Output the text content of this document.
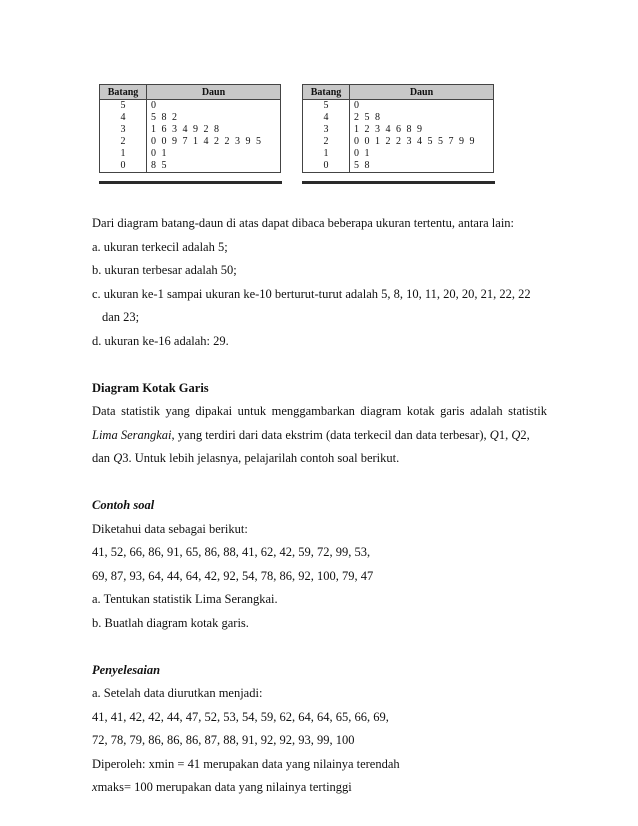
Batang	Daun
5	0
4	5 8 2
3	1 6 3 4 9 2 8
2	0 0 9 7 1 4 2 2 3 9 5
1	0 1
0	8 5
Batang	Daun
5	0
4	2 5 8
3	1 2 3 4 6 8 9
2	0 0 1 2 2 3 4 5 5 7 9 9
1	0 1
0	5 8
Dari diagram batang-daun di atas dapat dibaca beberapa ukuran tertentu, antara lain:
a. ukuran terkecil adalah 5;
b. ukuran terbesar adalah 50;
c. ukuran ke-1 sampai ukuran ke-10 berturut-turut adalah 5, 8, 10, 11, 20, 20, 21, 22, 22
dan 23;
d. ukuran ke-16 adalah: 29.
Diagram Kotak Garis
Data statistik yang dipakai untuk menggambarkan diagram kotak garis adalah statistik
Lima Serangkai, yang terdiri dari data ekstrim (data terkecil dan data terbesar), Q1, Q2,
dan Q3. Untuk lebih jelasnya, pelajarilah contoh soal berikut.
Contoh soal
Diketahui data sebagai berikut:
41, 52, 66, 86, 91, 65, 86, 88, 41, 62, 42, 59, 72, 99, 53,
69, 87, 93, 64, 44, 64, 42, 92, 54, 78, 86, 92, 100, 79, 47
a. Tentukan statistik Lima Serangkai.
b. Buatlah diagram kotak garis.
Penyelesaian
a. Setelah data diurutkan menjadi:
41, 41, 42, 42, 44, 47, 52, 53, 54, 59, 62, 64, 64, 65, 66, 69,
72, 78, 79, 86, 86, 86, 87, 88, 91, 92, 92, 93, 99, 100
Diperoleh: xmin = 41 merupakan data yang nilainya terendah
xmaks= 100 merupakan data yang nilainya tertinggi
